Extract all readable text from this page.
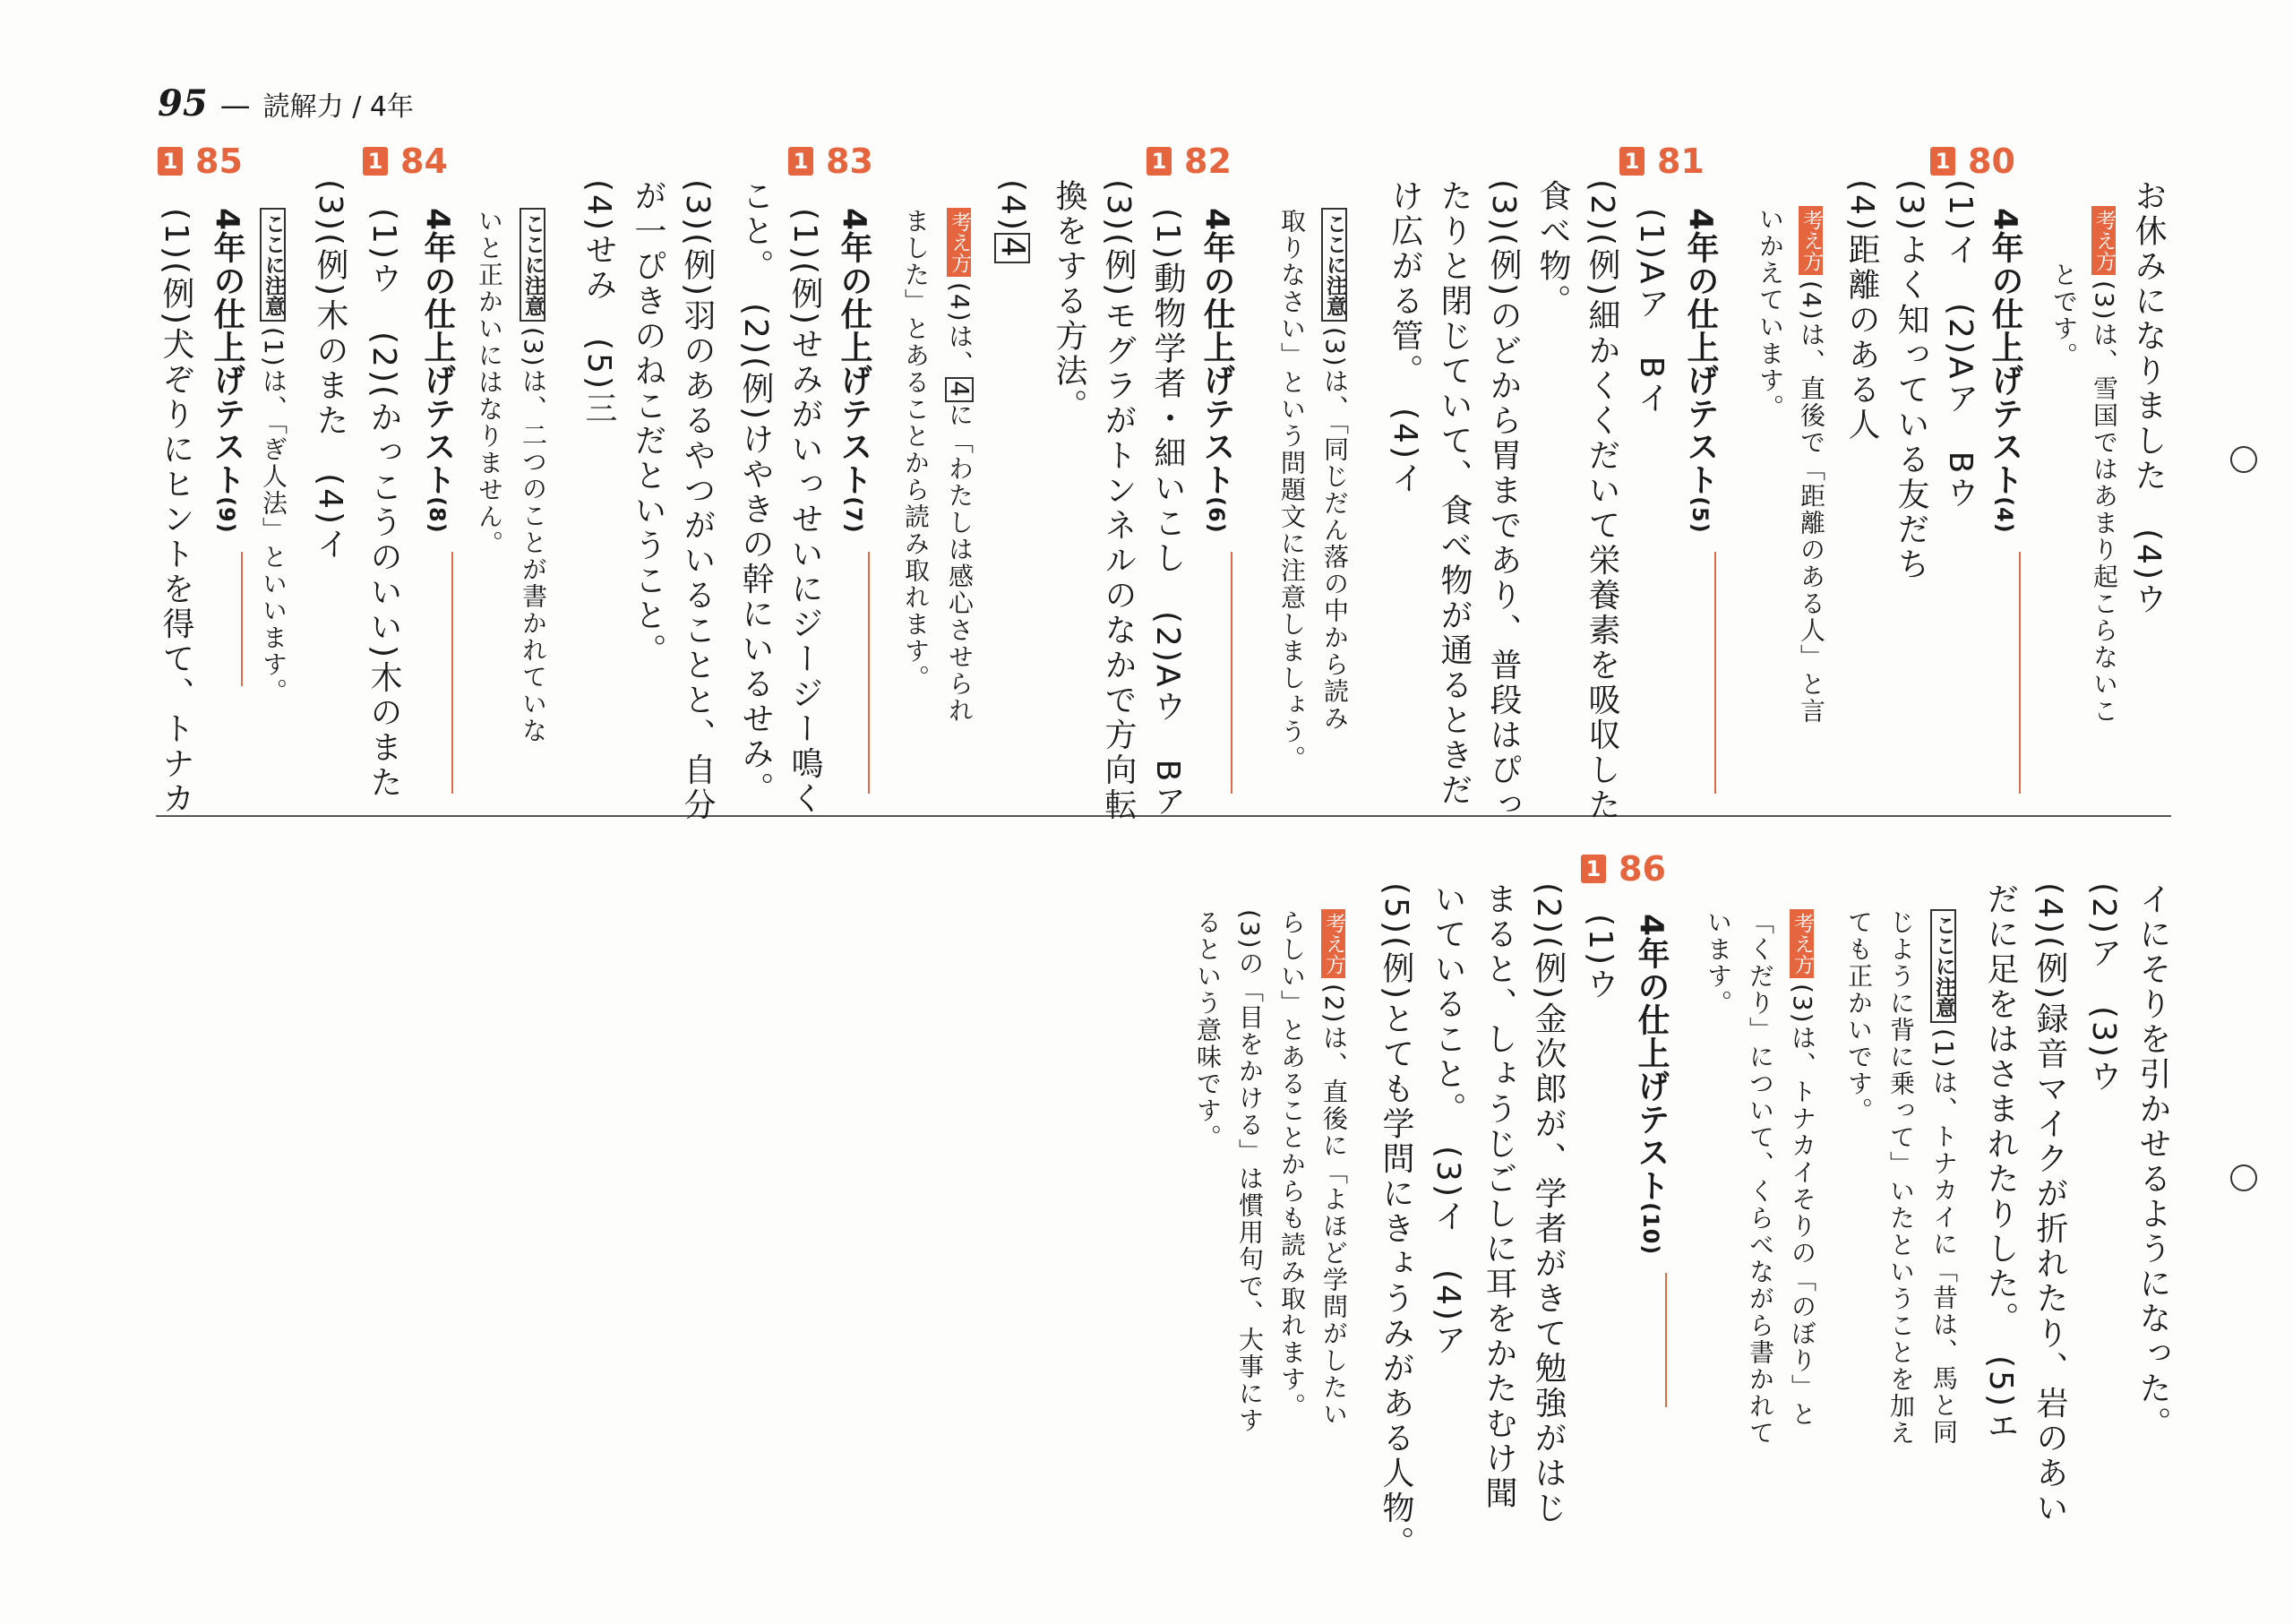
95 — 読解力 / 4年
お休みになりました　(4)ウ
考え方(3)は、雪国ではあまり起こらないこ
とです。
1 80
4年の仕上げテスト(4)
(1)イ　(2)Aア　Bウ
(3)よく知っている友だち
(4)距離のある人
考え方(4)は、直後で「距離のある人」と言
いかえています。
1 81
4年の仕上げテスト(5)
(1)Aア　Bイ
(2)(例)細かくくだいて栄養素を吸収した
食べ物。
(3)(例)のどから胃まであり、普段はぴっ
たりと閉じていて、食べ物が通るときだ
け広がる管。　(4)イ
ここに注意(3)は、「同じだん落の中から読み
取りなさい」という問題文に注意しましょう。
1 82
4年の仕上げテスト(6)
(1)動物学者・細いこし　(2)Aウ　Bア
(3)(例)モグラがトンネルのなかで方向転
換をする方法。
(4)4
考え方(4)は、4に「わたしは感心させられ
ました」とあることから読み取れます。
1 83
4年の仕上げテスト(7)
(1)(例)せみがいっせいにジージー鳴く
こと。　(2)(例)けやきの幹にいるせみ。
(3)(例)羽のあるやつがいることと、自分
が一ぴきのねこだということ。
(4)せみ　(5)三
ここに注意(3)は、二つのことが書かれていな
いと正かいにはなりません。
1 84
4年の仕上げテスト(8)
(1)ウ　(2)(かっこうのいい)木のまた
(3)(例)木のまた　(4)イ
ここに注意(1)は、「ぎ人法」といいます。
1 85
4年の仕上げテスト(9)
(1)(例)犬ぞりにヒントを得て、トナカ
イにそりを引かせるようになった。
(2)ア　(3)ウ
(4)(例)録音マイクが折れたり、岩のあい
だに足をはさまれたりした。　(5)エ
ここに注意(1)は、トナカイに「昔は、馬と同
じように背に乗って」いたということを加え
ても正かいです。
考え方(3)は、トナカイそりの「のぼり」と
「くだり」について、くらべながら書かれて
います。
1 86
4年の仕上げテスト(10)
(1)ウ
(2)(例)金次郎が、学者がきて勉強がはじ
まると、しょうじごしに耳をかたむけ聞
いていること。　(3)イ　(4)ア
(5)(例)とても学問にきょうみがある人物。
考え方(2)は、直後に「よほど学問がしたい
らしい」とあることからも読み取れます。
(3)の「目をかける」は慣用句で、大事にす
るという意味です。
